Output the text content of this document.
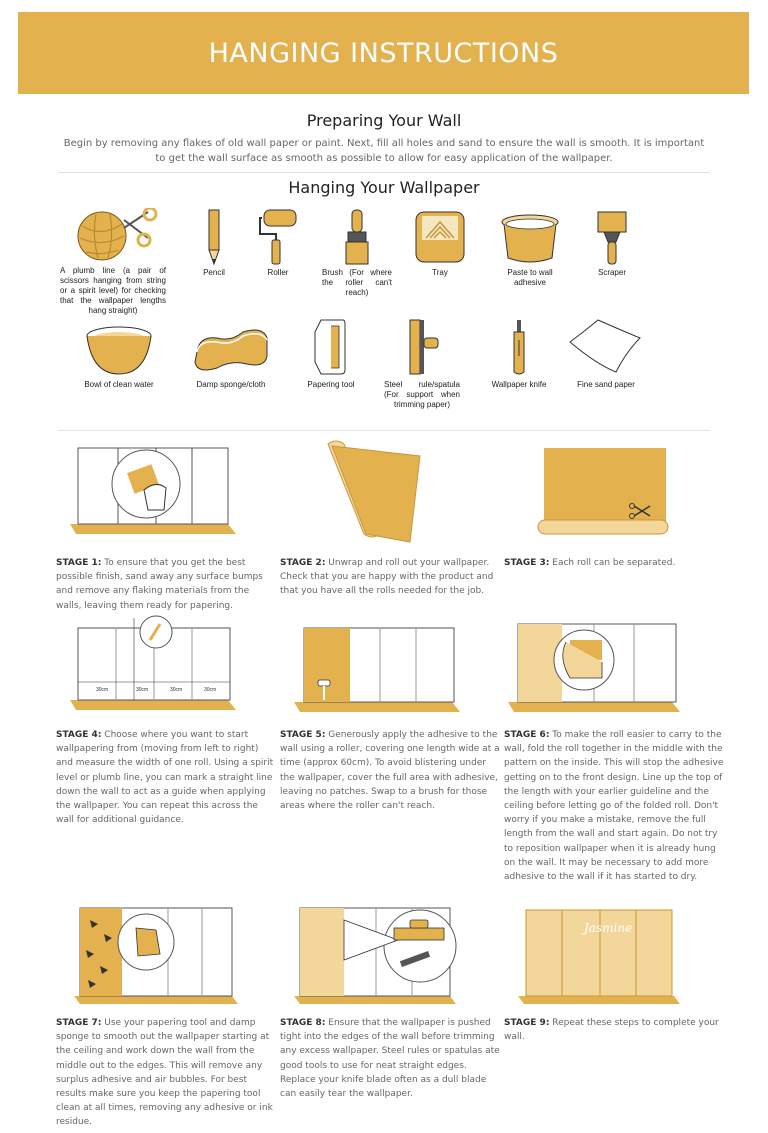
HANGING INSTRUCTIONS
Preparing Your Wall
Begin by removing any flakes of old wall paper or paint. Next, fill all holes and sand to ensure the wall is smooth. It is important to get the wall surface as smooth as possible to allow for easy application of the wallpaper.
Hanging Your Wallpaper
A plumb line (a pair of scissors hanging from string or a spirit level) for checking that the wallpaper lengths hang straight)
Pencil	Roller	Brush (For where the roller can't reach)
Tray	Paste to wall adhesive
Scraper
Bowl of clean water	Damp sponge/cloth	Papering tool	Steel rule/spatula (For support when trimming paper)
Wallpaper knife	Fine sand paper

STAGE 1: To ensure that you get the best possible finish, sand away any surface bumps and remove any flaking materials from the walls, leaving them ready for papering.

STAGE 2: Unwrap and roll out your wallpaper. Check that you are happy with the product and that you have all the rolls needed for the job.

STAGE 3: Each roll can be separated.

30cm	30cm	30cm	30cm

STAGE 4: Choose where you want to start wallpapering from (moving from left to right) and measure the width of one roll. Using a spirit level or plumb line, you can mark a straight line down the wall to act as a guide when applying the wallpaper. You can repeat this across the wall for additional guidance.

STAGE 5: Generously apply the adhesive to the wall using a roller, covering one length wide at a time (approx 60cm). To avoid blistering under the wallpaper, cover the full area with adhesive, leaving no patches. Swap to a brush for those areas where the roller can't reach.

STAGE 6: To make the roll easier to carry to the wall, fold the roll together in the middle with the pattern on the inside. This will stop the adhesive getting on to the front design. Line up the top of the length with your earlier guideline and the ceiling before letting go of the folded roll. Don't worry if you make a mistake, remove the full length from the wall and start again. Do not try to reposition wallpaper when it is already hung on the wall. It may be necessary to add more adhesive to the wall if it has started to dry.

STAGE 7: Use your papering tool and damp sponge to smooth out the wallpaper starting at the ceiling and work down the wall from the middle out to the edges. This will remove any surplus adhesive and air bubbles. For best results make sure you keep the papering tool clean at all times, removing any adhesive or ink residue.

STAGE 8: Ensure that the wallpaper is pushed tight into the edges of the wall before trimming any excess wallpaper. Steel rules or spatulas ate good tools to use for neat straight edges. Replace your knife blade often as a dull blade can easily tear the wallpaper.

Jasmine

STAGE 9: Repeat these steps to complete your wall.
